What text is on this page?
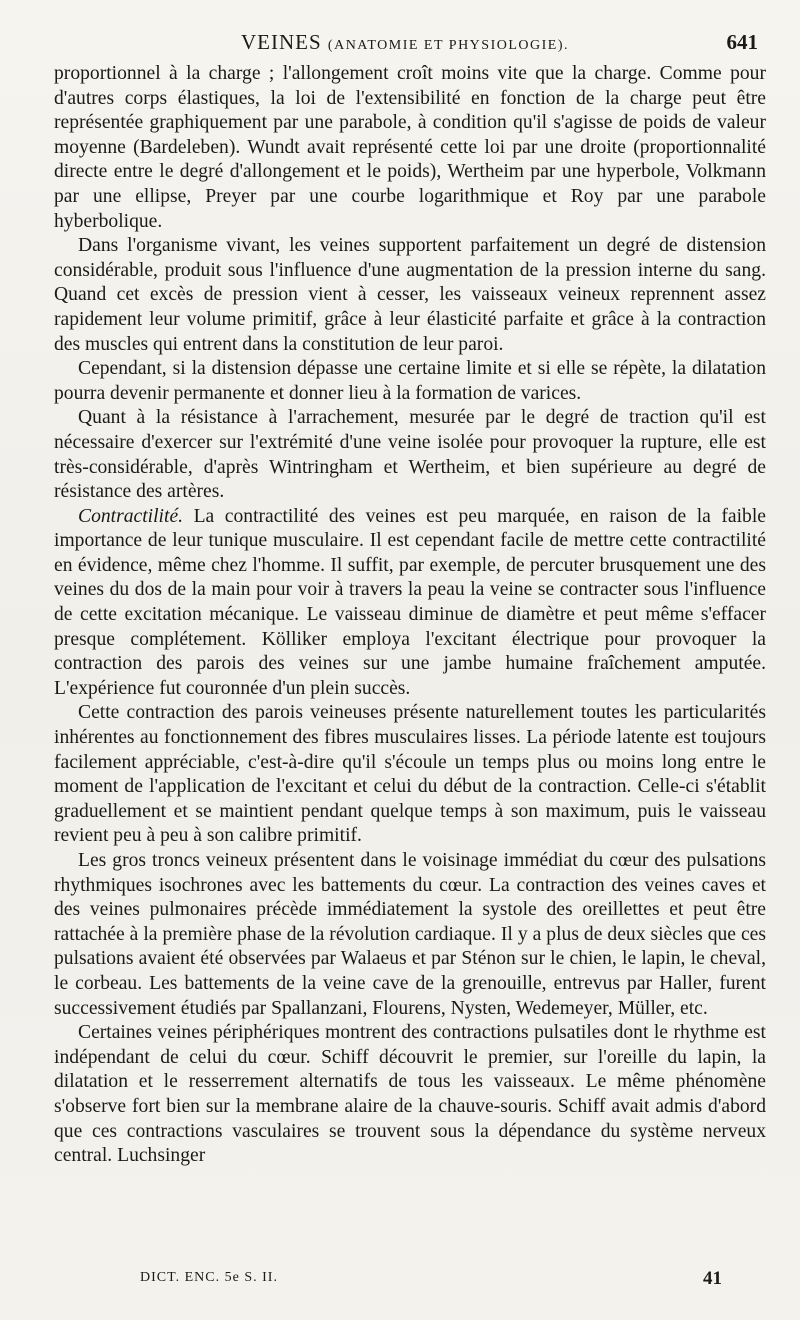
VEINES (ANATOMIE ET PHYSIOLOGIE).	641

proportionnel à la charge ; l'allongement croît moins vite que la charge. Comme pour d'autres corps élastiques, la loi de l'extensibilité en fonction de la charge peut être représentée graphiquement par une parabole, à condition qu'il s'agisse de poids de valeur moyenne (Bardeleben). Wundt avait représenté cette loi par une droite (proportionnalité directe entre le degré d'allongement et le poids), Wertheim par une hyperbole, Volkmann par une ellipse, Preyer par une courbe logarithmique et Roy par une parabole hyberbolique.

Dans l'organisme vivant, les veines supportent parfaitement un degré de distension considérable, produit sous l'influence d'une augmentation de la pression interne du sang. Quand cet excès de pression vient à cesser, les vaisseaux veineux reprennent assez rapidement leur volume primitif, grâce à leur élasticité parfaite et grâce à la contraction des muscles qui entrent dans la constitution de leur paroi.

Cependant, si la distension dépasse une certaine limite et si elle se répète, la dilatation pourra devenir permanente et donner lieu à la formation de varices.

Quant à la résistance à l'arrachement, mesurée par le degré de traction qu'il est nécessaire d'exercer sur l'extrémité d'une veine isolée pour provoquer la rupture, elle est très-considérable, d'après Wintringham et Wertheim, et bien supérieure au degré de résistance des artères.

Contractilité. La contractilité des veines est peu marquée, en raison de la faible importance de leur tunique musculaire. Il est cependant facile de mettre cette contractilité en évidence, même chez l'homme. Il suffit, par exemple, de percuter brusquement une des veines du dos de la main pour voir à travers la peau la veine se contracter sous l'influence de cette excitation mécanique. Le vaisseau diminue de diamètre et peut même s'effacer presque complétement. Kölliker employa l'excitant électrique pour provoquer la contraction des parois des veines sur une jambe humaine fraîchement amputée. L'expérience fut couronnée d'un plein succès.

Cette contraction des parois veineuses présente naturellement toutes les particularités inhérentes au fonctionnement des fibres musculaires lisses. La période latente est toujours facilement appréciable, c'est-à-dire qu'il s'écoule un temps plus ou moins long entre le moment de l'application de l'excitant et celui du début de la contraction. Celle-ci s'établit graduellement et se maintient pendant quelque temps à son maximum, puis le vaisseau revient peu à peu à son calibre primitif.

Les gros troncs veineux présentent dans le voisinage immédiat du cœur des pulsations rhythmiques isochrones avec les battements du cœur. La contraction des veines caves et des veines pulmonaires précède immédiatement la systole des oreillettes et peut être rattachée à la première phase de la révolution cardiaque. Il y a plus de deux siècles que ces pulsations avaient été observées par Walaeus et par Sténon sur le chien, le lapin, le cheval, le corbeau. Les battements de la veine cave de la grenouille, entrevus par Haller, furent successivement étudiés par Spallanzani, Flourens, Nysten, Wedemeyer, Müller, etc.

Certaines veines périphériques montrent des contractions pulsatiles dont le rhythme est indépendant de celui du cœur. Schiff découvrit le premier, sur l'oreille du lapin, la dilatation et le resserrement alternatifs de tous les vaisseaux. Le même phénomène s'observe fort bien sur la membrane alaire de la chauve-souris. Schiff avait admis d'abord que ces contractions vasculaires se trouvent sous la dépendance du système nerveux central. Luchsinger

DICT. ENC. 5e S. II.	41
